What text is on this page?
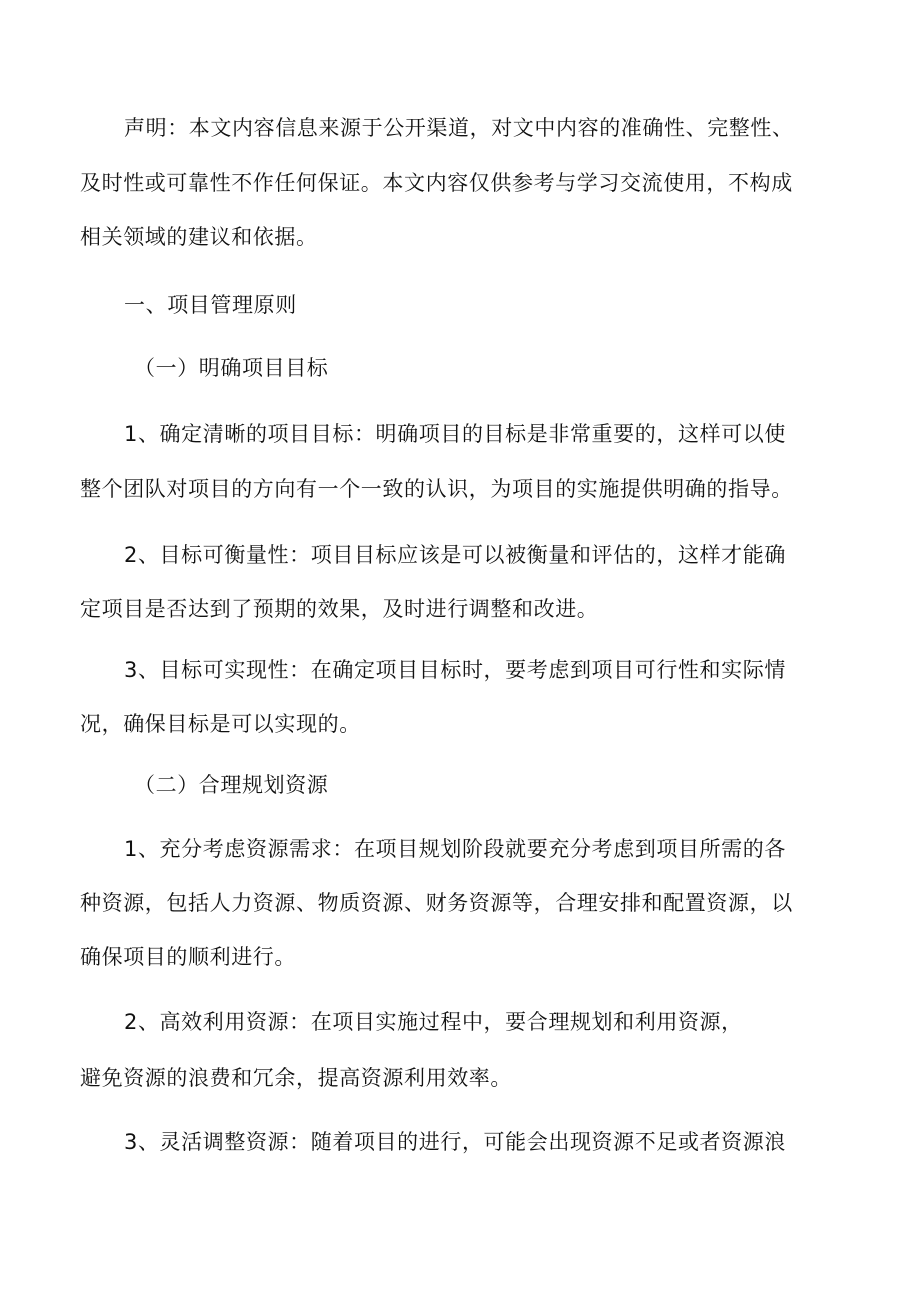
声明：本文内容信息来源于公开渠道，对文中内容的准确性、完整性、
及时性或可靠性不作任何保证。本文内容仅供参考与学习交流使用，不构成
相关领域的建议和依据。
一、项目管理原则
（一）明确项目目标
1、确定清晰的项目目标：明确项目的目标是非常重要的，这样可以使
整个团队对项目的方向有一个一致的认识，为项目的实施提供明确的指导。
2、目标可衡量性：项目目标应该是可以被衡量和评估的，这样才能确
定项目是否达到了预期的效果，及时进行调整和改进。
3、目标可实现性：在确定项目目标时，要考虑到项目可行性和实际情
况，确保目标是可以实现的。
（二）合理规划资源
1、充分考虑资源需求：在项目规划阶段就要充分考虑到项目所需的各
种资源，包括人力资源、物质资源、财务资源等，合理安排和配置资源，以
确保项目的顺利进行。
2、高效利用资源：在项目实施过程中，要合理规划和利用资源，
避免资源的浪费和冗余，提高资源利用效率。
3、灵活调整资源：随着项目的进行，可能会出现资源不足或者资源浪
